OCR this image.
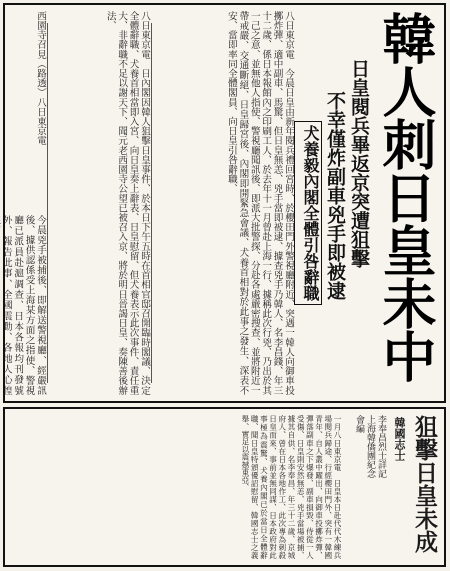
韓人刺日皇未中
日皇閱兵畢返京突遭狙擊
不幸僅炸副車兇手即被逮
犬養毅內閣全體引咎辭職
八日東京電　今晨日皇由新年閱兵禮回宮時、於櫻田門外警視廳附近、突遇一韓人向御車投擲炸彈、適中副車、馬驚、但日皇無恙、兇手當即被逮、據查兇手乃韓人、名李昌錢、年三十二歲、係日本報館內之印刷工人、於去年十一月曾赴上海一行、據稱此次行兇、乃出於其一己之意、並無他人指使、警視廳聞訊後、即派大批警探、分赴各處嚴密搜查、並將附近一帶戒嚴、交通斷絕、日皇歸宮後、內閣即開緊急會議、犬養首相對於此事之發生、深表不安、當即率同全體閣員、向日皇引咎辭職、
八日東京電　日內閣因韓人狙擊日皇事件、於本日下午五時在首相官邸召開臨時閣議、決定全體辭職、犬養首相當即入宮、向日皇奏上辭表、日皇慰留、但犬養表示此次事件、責任重大、非辭職不足以謝天下、聞元老西園寺公望已被召入京、將於明日晉謁日皇、奏陳善後辦法、
西園寺召見（路透）八日東京電
今晨兇手被捕後、即解送警視廳、經嚴訊後、據供認係受上海某方面之指使、警視廳已派員赴滬調查、日本各報均刊發號外、報告此事、全國震動、各地人心惶
狙擊日皇未成
韓國志士
李奉昌烈士詳記　上海韓僑團紀念會編
一月八日東京電　日皇本日赴代代木練兵場閱兵歸途、行經櫻田門外、突有一韓國青年、自人叢中躍出、向御車投擲炸彈、彈落副車之下爆發、副車損毀、侍從一人受傷、日皇則安然無恙、兇手當場被捕、據其自供、名李奉昌、年三十二歲、京城府人、曾在日本各地作工、此次專為刺殺日皇而來、事前並無同謀、日本政府對此事極為震驚、犬養內閣已於當日全體辭職、聞日皇特頒優詔慰留、韓國志士之義舉、實足以震撼東亞、
